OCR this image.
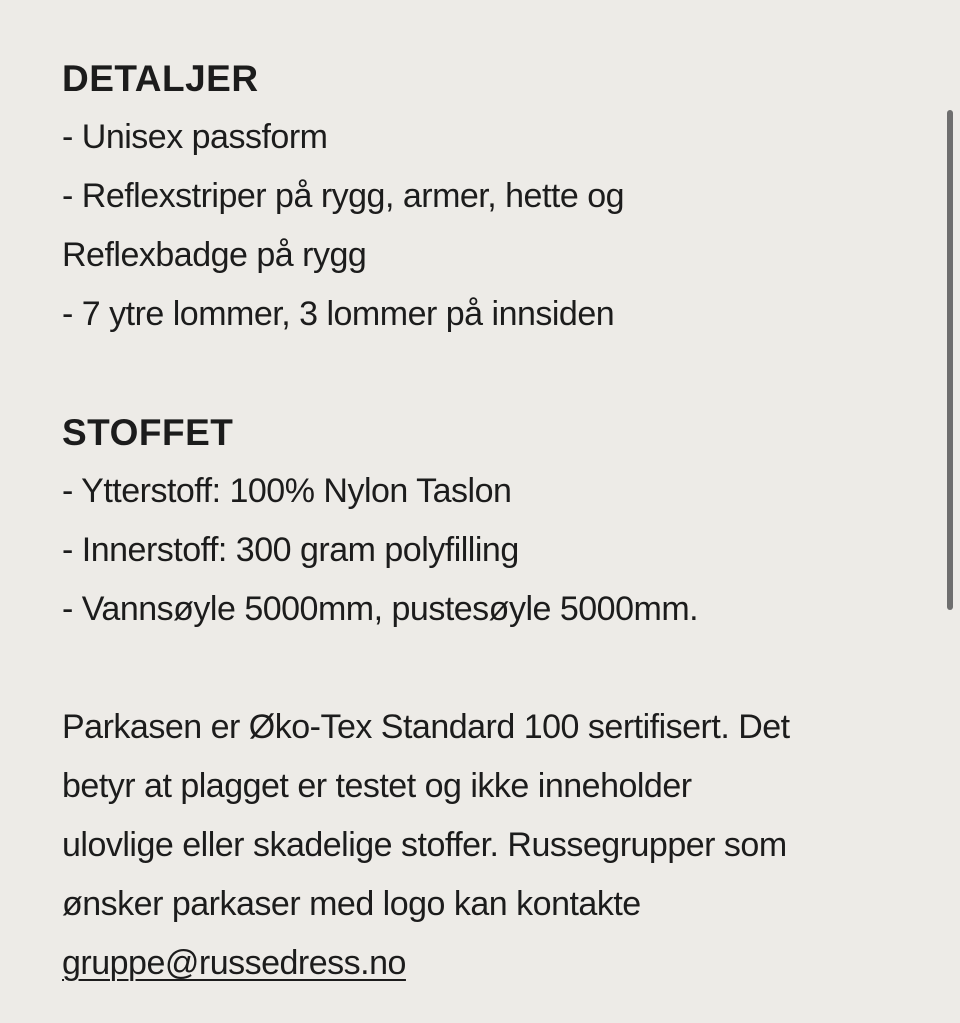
DETALJER

- Unisex passform

- Reflexstriper på rygg, armer, hette og

Reflexbadge på rygg

- 7 ytre lommer, 3 lommer på innsiden

STOFFET

- Ytterstoff: 100% Nylon Taslon

- Innerstoff: 300 gram polyfilling

- Vannsøyle 5000mm, pustesøyle 5000mm.

Parkasen er Øko-Tex Standard 100 sertifisert. Det

betyr at plagget er testet og ikke inneholder

ulovlige eller skadelige stoffer. Russegrupper som

ønsker parkaser med logo kan kontakte

gruppe@russedress.no
